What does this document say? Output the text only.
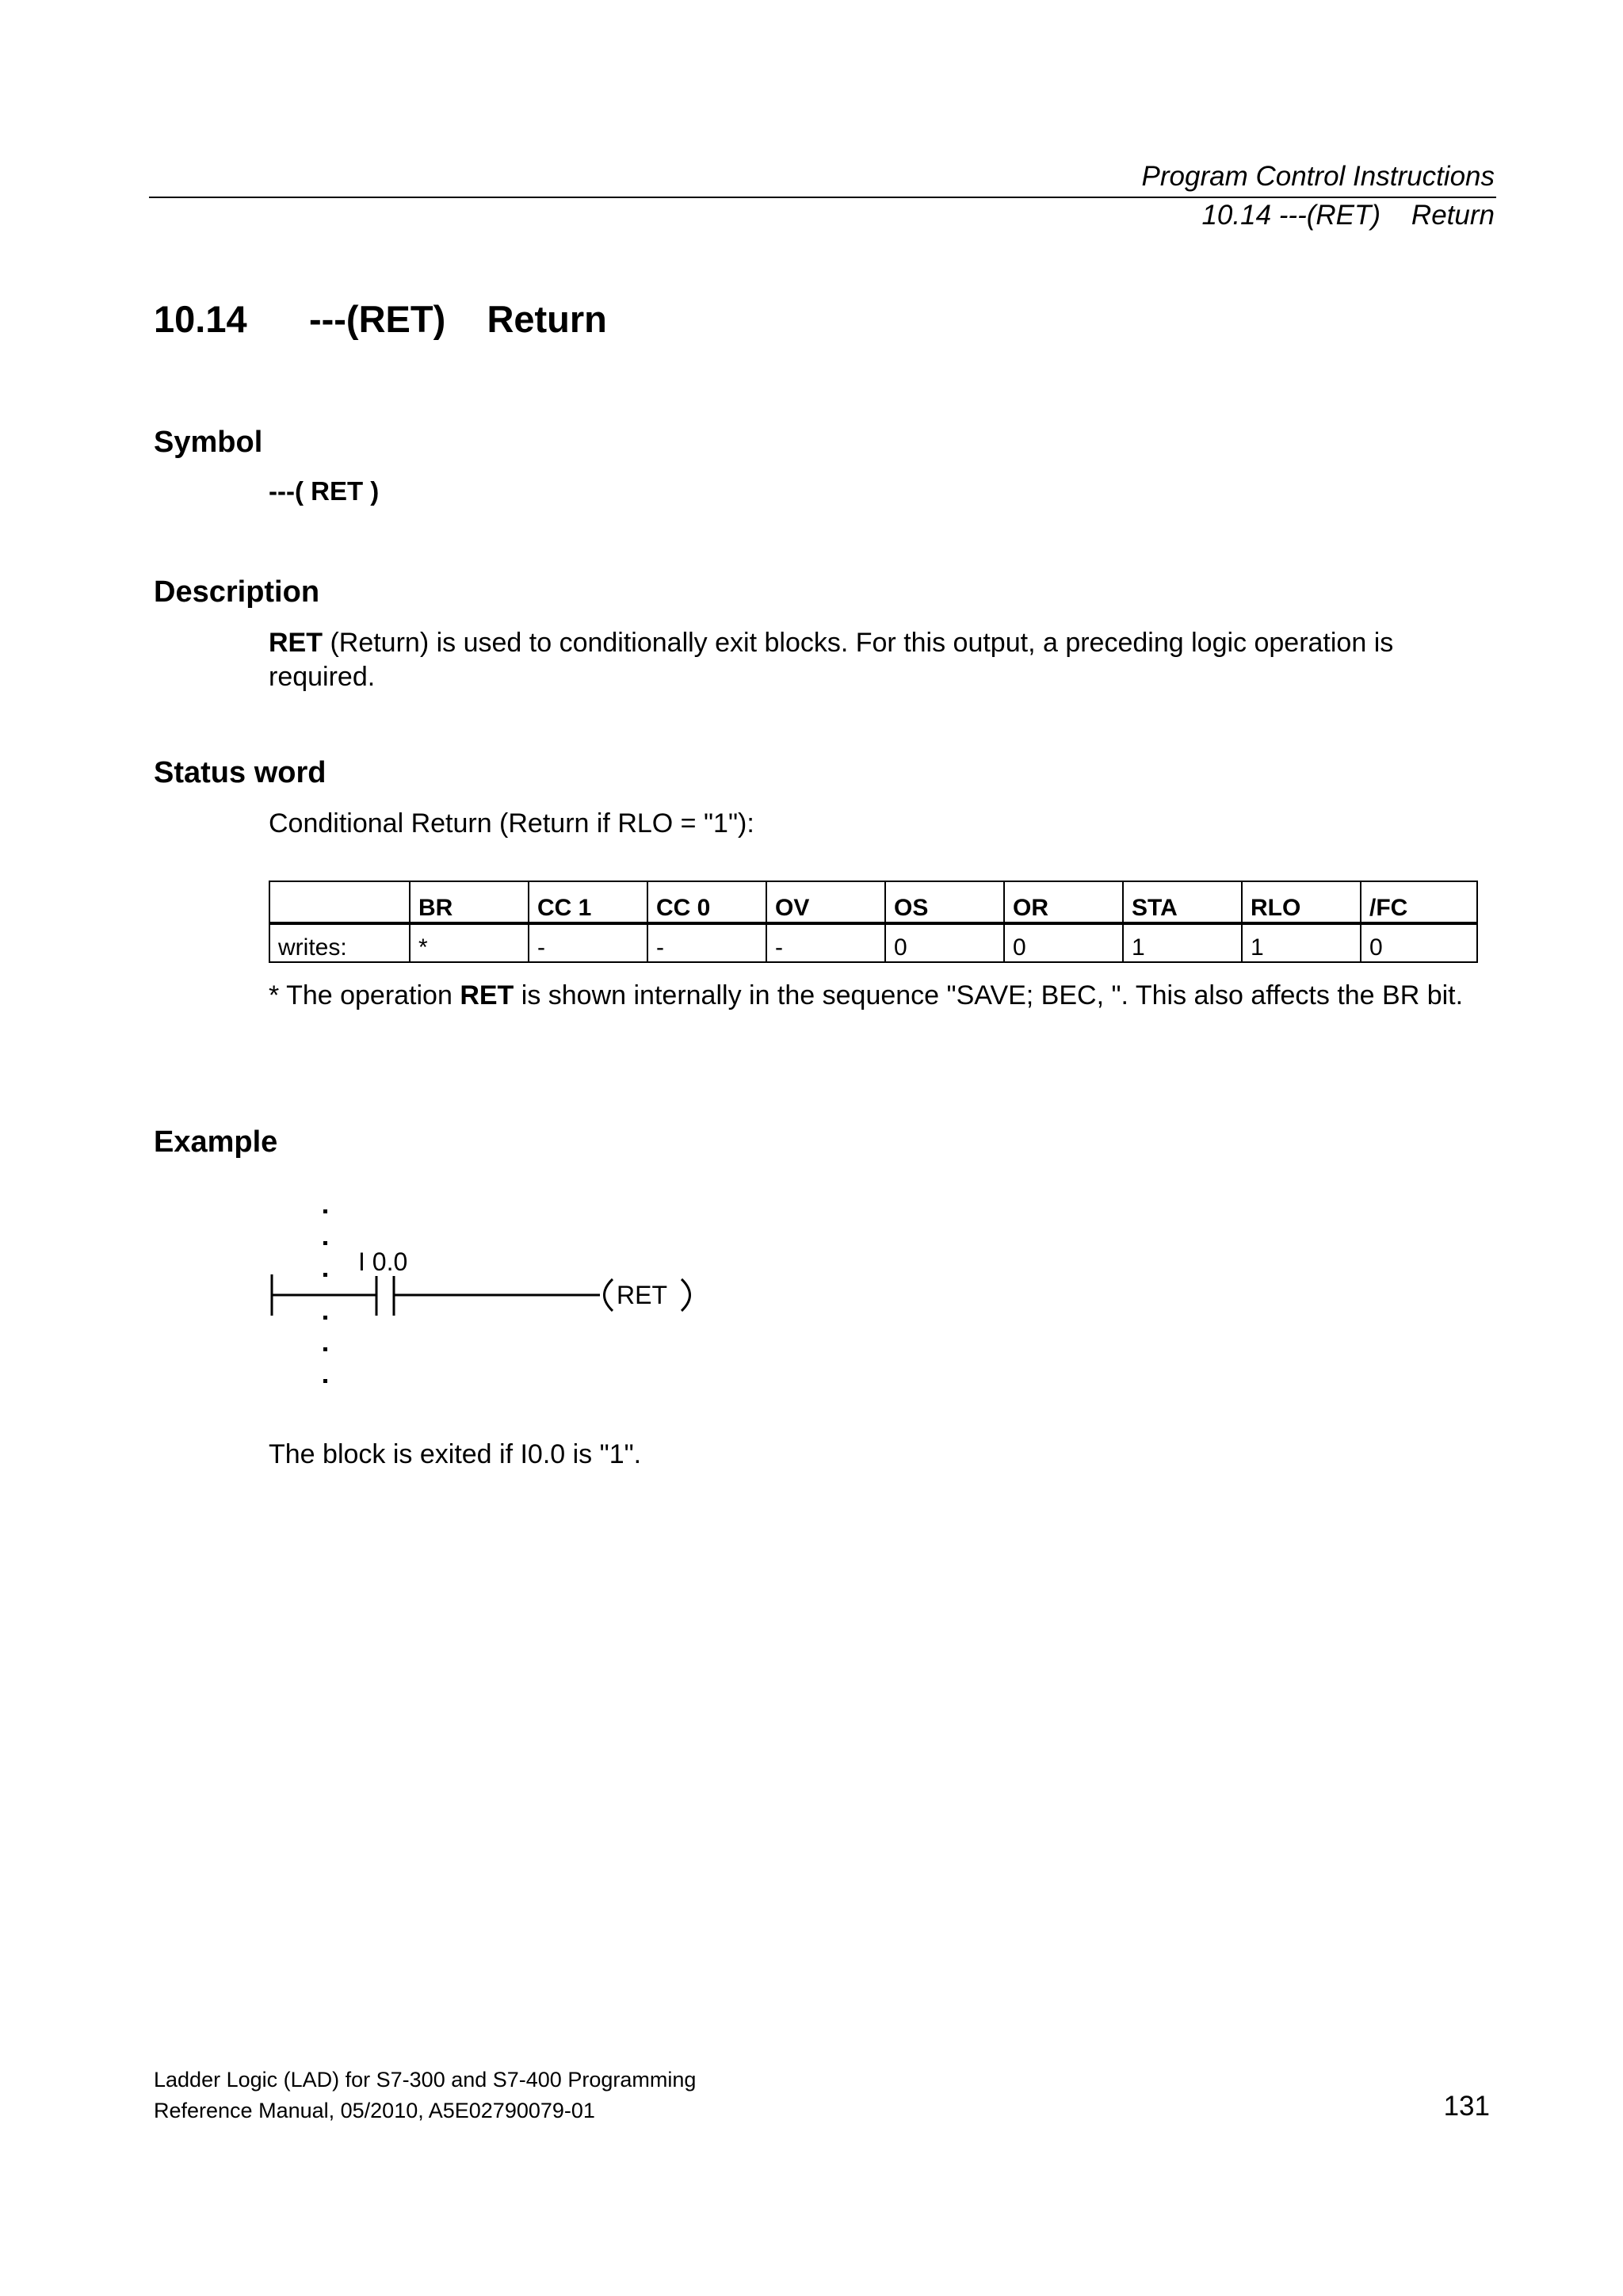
Program Control Instructions
10.14 ---(RET)    Return
10.14      ---(RET)    Return
Symbol
---( RET )
Description
RET (Return) is used to conditionally exit blocks. For this output, a preceding logic operation is required.
Status word
Conditional Return (Return if RLO = "1"):
	BR	CC 1	CC 0	OV	OS	OR	STA	RLO	/FC
writes:	*	-	-	-	0	0	1	1	0
* The operation RET is shown internally in the sequence "SAVE; BEC, ". This also affects the BR bit.
Example
I 0.0
RET
The block is exited if I0.0 is "1".
Ladder Logic (LAD) for S7-300 and S7-400 Programming
Reference Manual, 05/2010, A5E02790079-01	131
